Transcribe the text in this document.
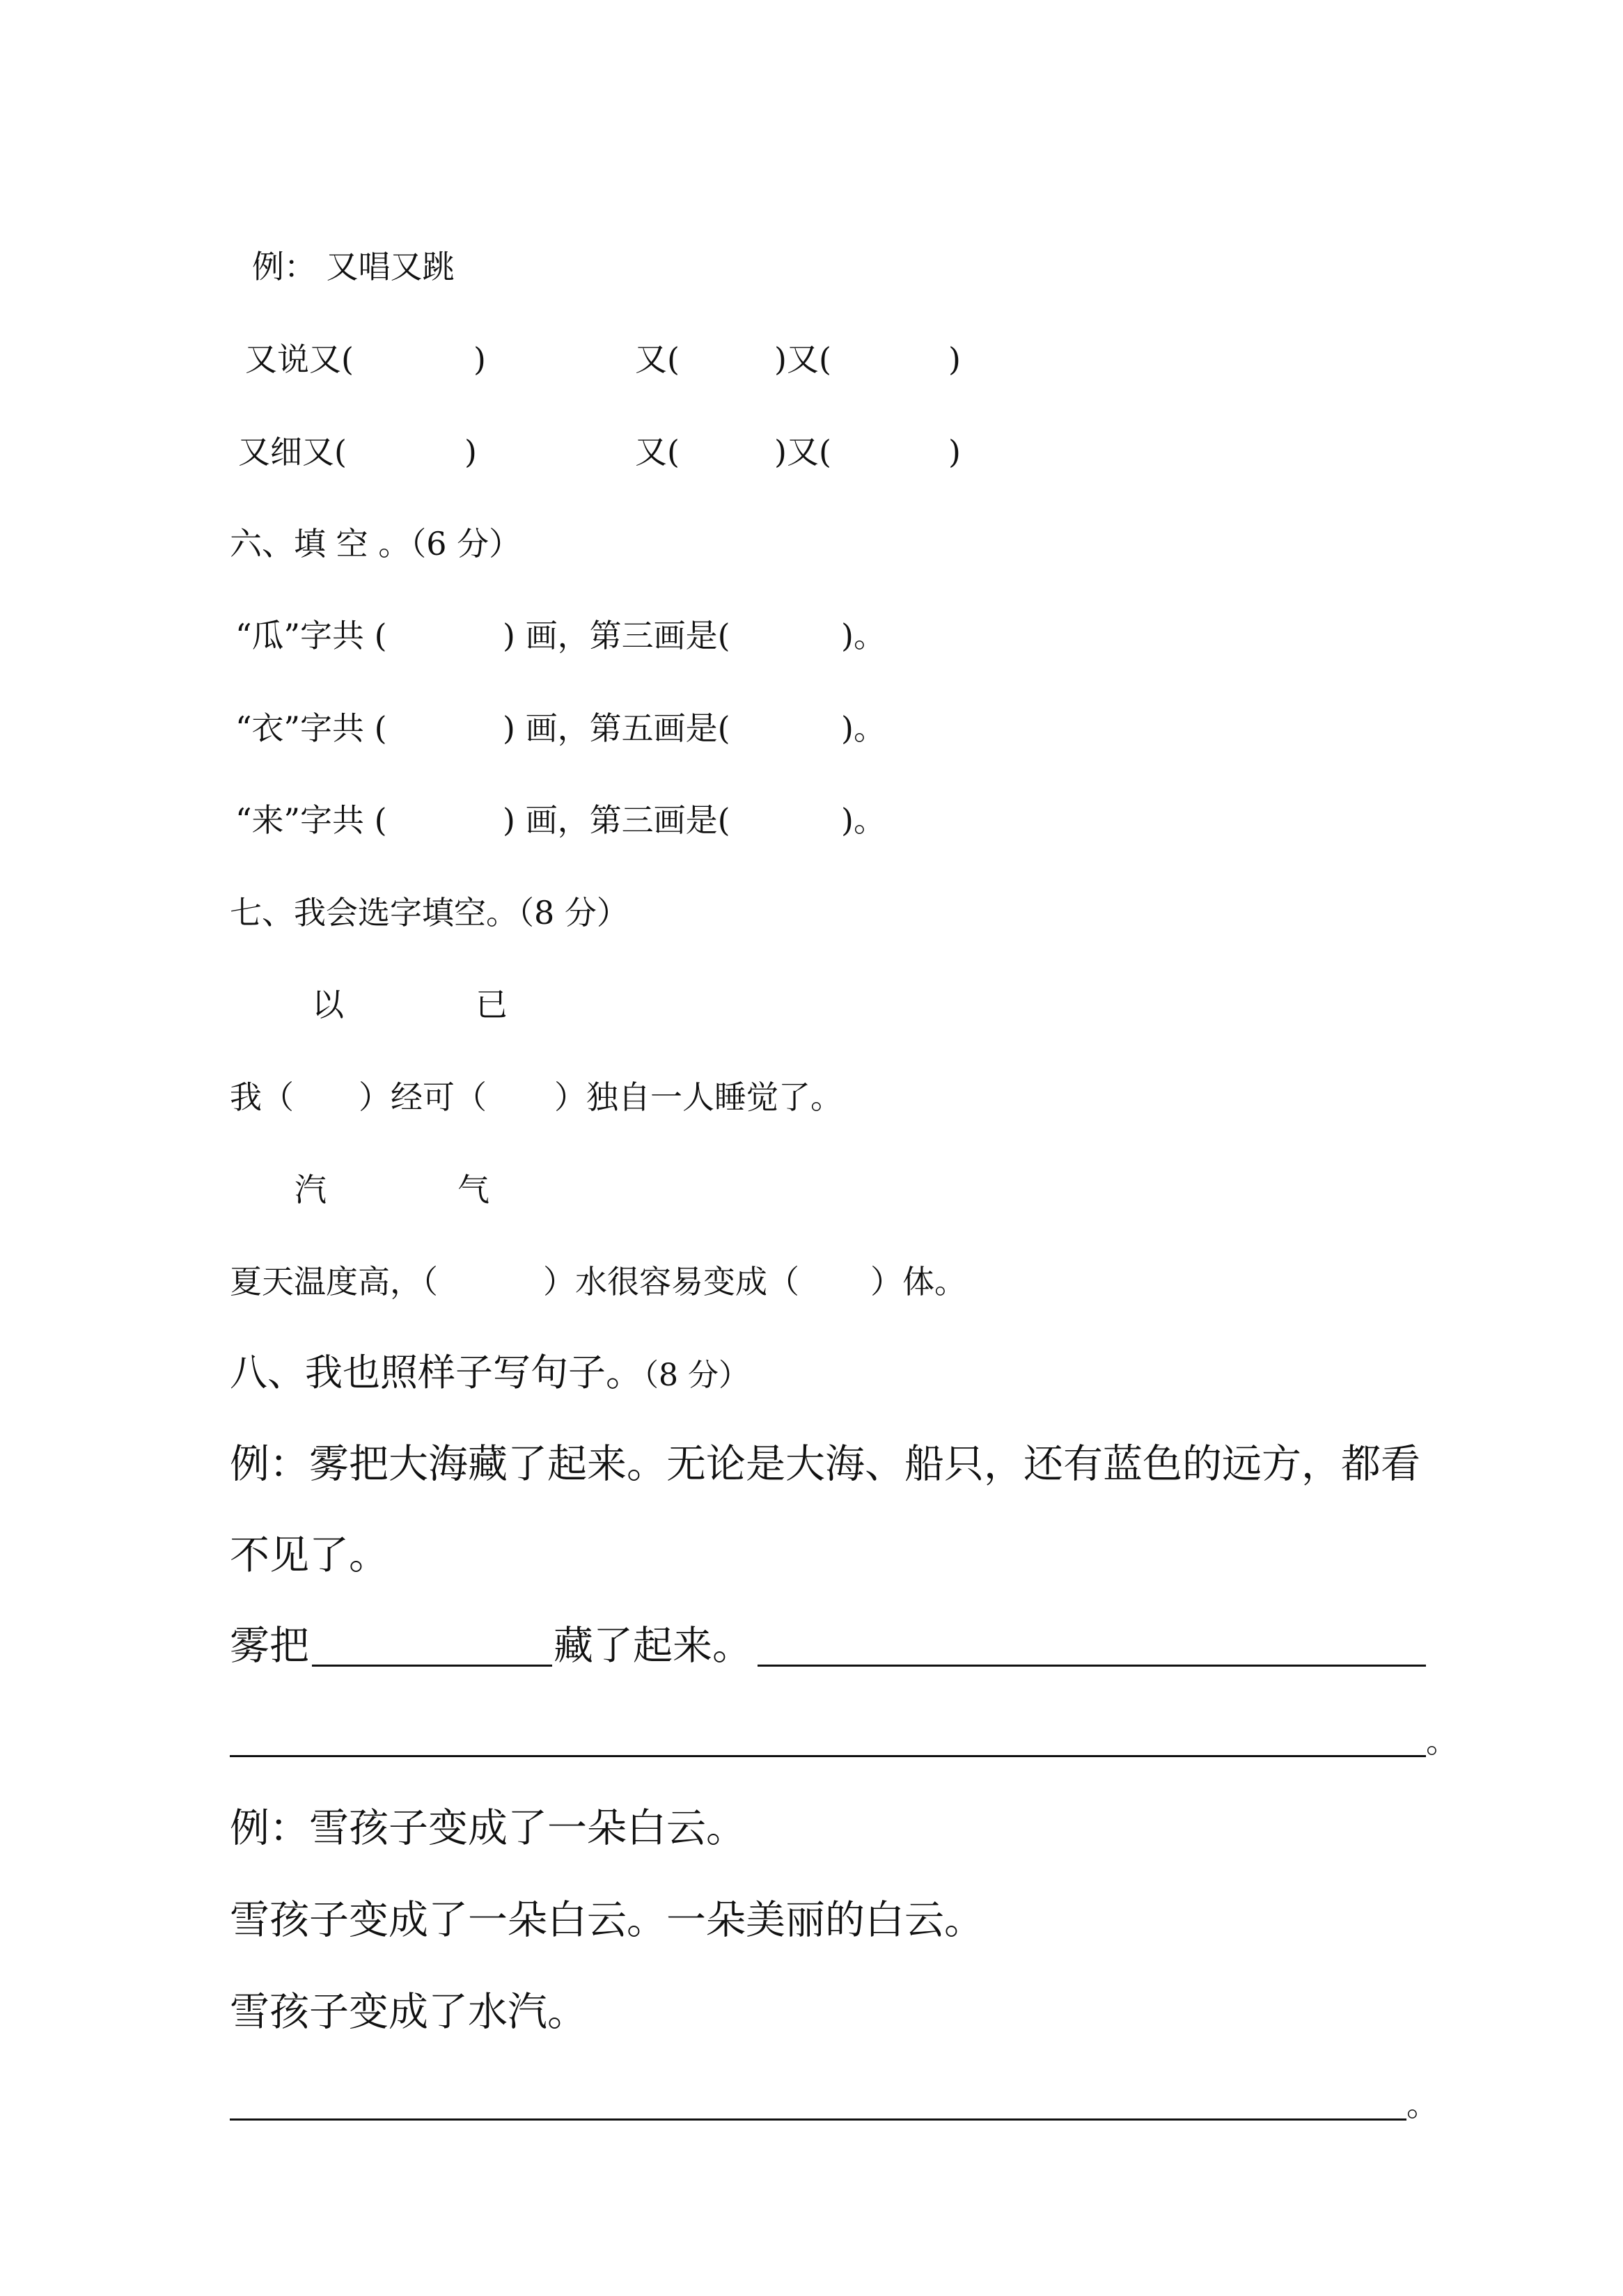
例： 又唱又跳
又说又(	)	又(	)又(	)
又细又(	)	又(	)又(	)
六、填 空 。（6 分）
“瓜”字共 (	) 画，第三画是(	)。
“衣”字共 (	) 画，第五画是(	)。
“来”字共 (	) 画，第三画是(	)。
七、我会选字填空。（8 分）
以	已
我（ ）经可（ ）独自一人睡觉了。
汽	气
夏天温度高，（	）水很容易变成（ ）体。
八、我也照样子写句子。（8 分）
例：雾把大海藏了起来。无论是大海、船只，还有蓝色的远方，都看
不见了。
雾把	藏了起来。
。
例：雪孩子变成了一朵白云。
雪孩子变成了一朵白云。一朵美丽的白云。
雪孩子变成了水汽。
。
